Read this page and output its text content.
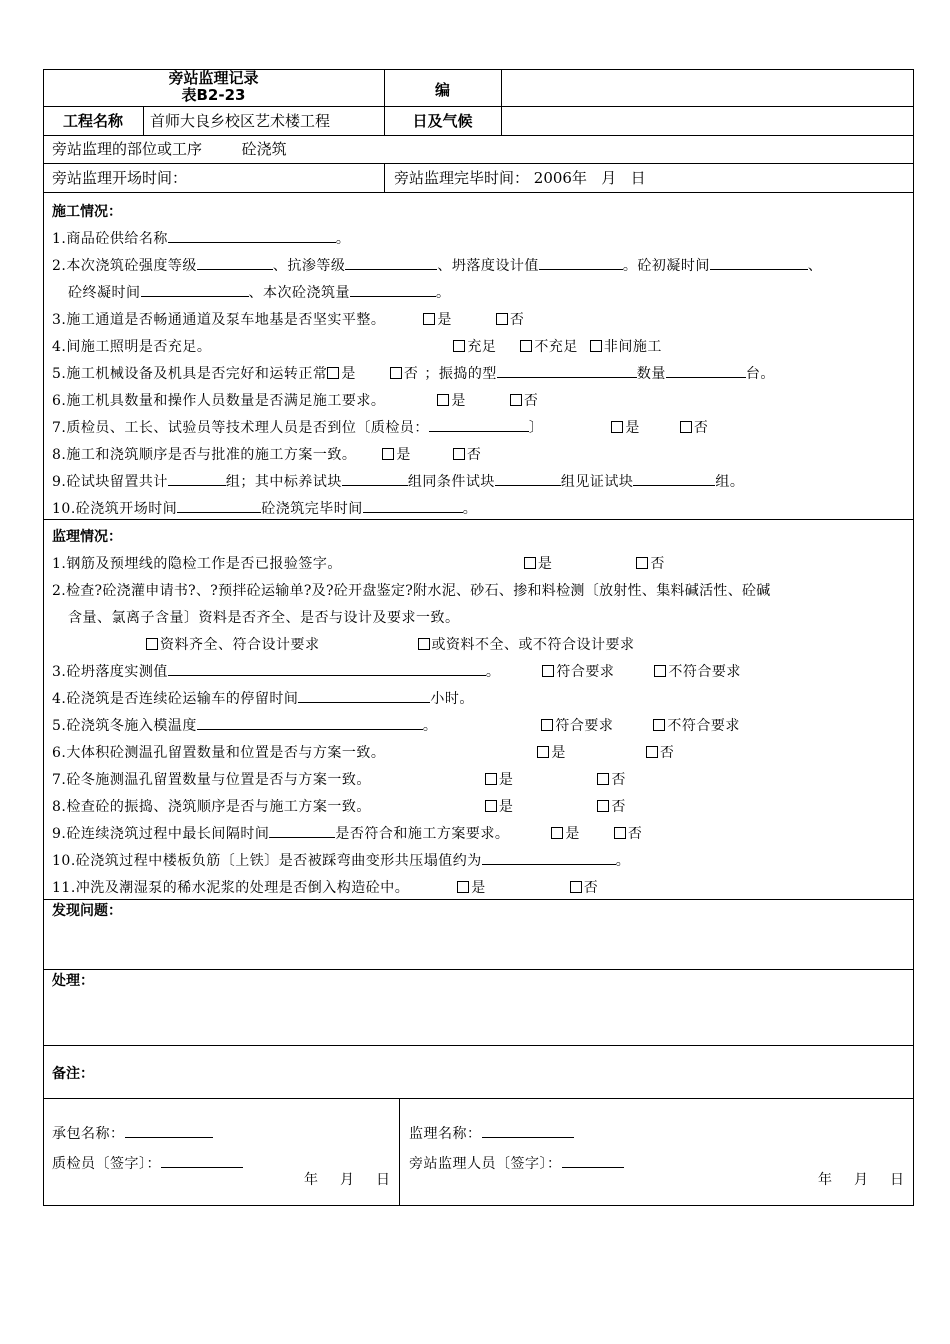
旁站监理记录
表B2-23	编
工程名称	首师大良乡校区艺术楼工程	日及气候
旁站监理的部位或工序	砼浇筑
旁站监理开场时间：	旁站监理完毕时间： 2006年   月   日
施工情况：
1.商品砼供给名称	。
2.本次浇筑砼强度等级	、抗渗等级	、坍落度设计值	。砼初凝时间	、
砼终凝时间	、本次砼浇筑量	。
3.施工通道是否畅通通道及泵车地基是否坚实平整。	是	否
4.间施工照明是否充足。	充足	不充足 非间施工
5.施工机械设备及机具是否完好和运转正常 是	否 ；振捣的型	数量	台。
6.施工机具数量和操作人员数量是否满足施工要求。	是	否
7.质检员、工长、试验员等技术理人员是否到位〔质检员：	〕	是	否
8.施工和浇筑顺序是否与批准的施工方案一致。	是	否
9.砼试块留置共计	组；其中标养试块	组同条件试块	组见证试块	组。
10.砼浇筑开场时间	砼浇筑完毕时间	。
监理情况：
1.钢筋及预埋线的隐检工作是否已报验签字。	是	否
2.检查?砼浇灌申请书?、?预拌砼运输单?及?砼开盘鉴定?附水泥、砂石、掺和料检测〔放射性、集料碱活性、砼碱
含量、氯离子含量〕资料是否齐全、是否与设计及要求一致。
资料齐全、符合设计要求	或资料不全、或不符合设计要求
3.砼坍落度实测值	。	符合要求	不符合要求
4.砼浇筑是否连续砼运输车的停留时间	小时。
5.砼浇筑冬施入模温度	。	符合要求	不符合要求
6.大体积砼测温孔留置数量和位置是否与方案一致。	是	否
7.砼冬施测温孔留置数量与位置是否与方案一致。	是	否
8.检查砼的振捣、浇筑顺序是否与施工方案一致。	是	否
9.砼连续浇筑过程中最长间隔时间	是否符合和施工方案要求。	是	否
10.砼浇筑过程中楼板负筋〔上铁〕是否被踩弯曲变形共压塌值约为	。
11.冲洗及潮湿泵的稀水泥浆的处理是否倒入构造砼中。	是	否
发现问题：
处理：
备注：
承包名称：
质检员〔签字〕：
年 月 日
监理名称：
旁站监理人员〔签字〕：
年 月 日
